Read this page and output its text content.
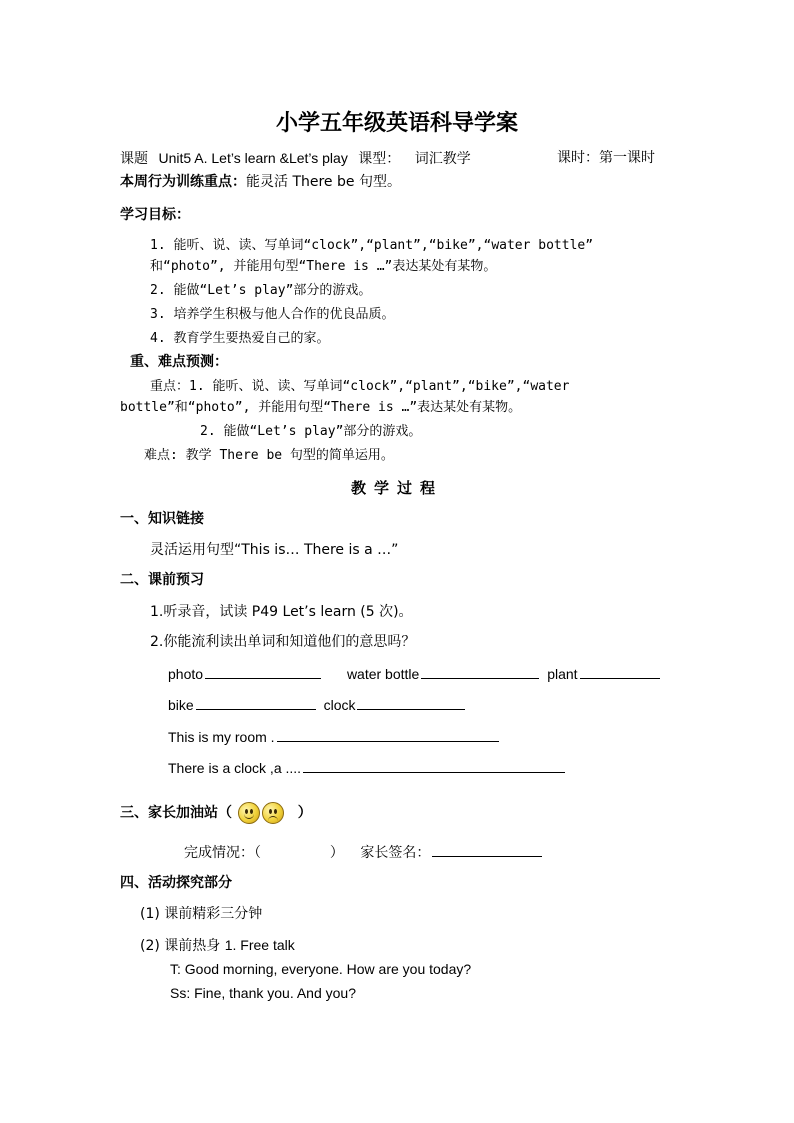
小学五年级英语科导学案
课题 Unit5 A. Let’s learn &Let’s play 课型： 词汇教学	课时：第一课时
本周行为训练重点：能灵活 There be 句型。
学习目标：
1. 能听、说、读、写单词“clock”,“plant”,“bike”,“water bottle”
和“photo”, 并能用句型“There is …”表达某处有某物。
2. 能做“Let’s play”部分的游戏。
3. 培养学生积极与他人合作的优良品质。
4. 教育学生要热爱自己的家。
重、难点预测：
重点：1. 能听、说、读、写单词“clock”,“plant”,“bike”,“water
bottle”和“photo”, 并能用句型“There is …”表达某处有某物。
2. 能做“Let’s play”部分的游戏。
难点: 教学 There be 句型的简单运用。
教学过程
一、知识链接
灵活运用句型“This is… There is a …”
二、课前预习
1.听录音，试读 P49 Let’s learn (5 次)。
2.你能流利读出单词和知道他们的意思吗？
photo	water bottle	plant
bike	clock
This is my room .
There is a clock ,a ....
三、家长加油站（	）
完成情况：（	） 家长签名：
四、活动探究部分
(1) 课前精彩三分钟
(2) 课前热身 1. Free talk
T: Good morning, everyone. How are you today?
Ss: Fine, thank you. And you?
